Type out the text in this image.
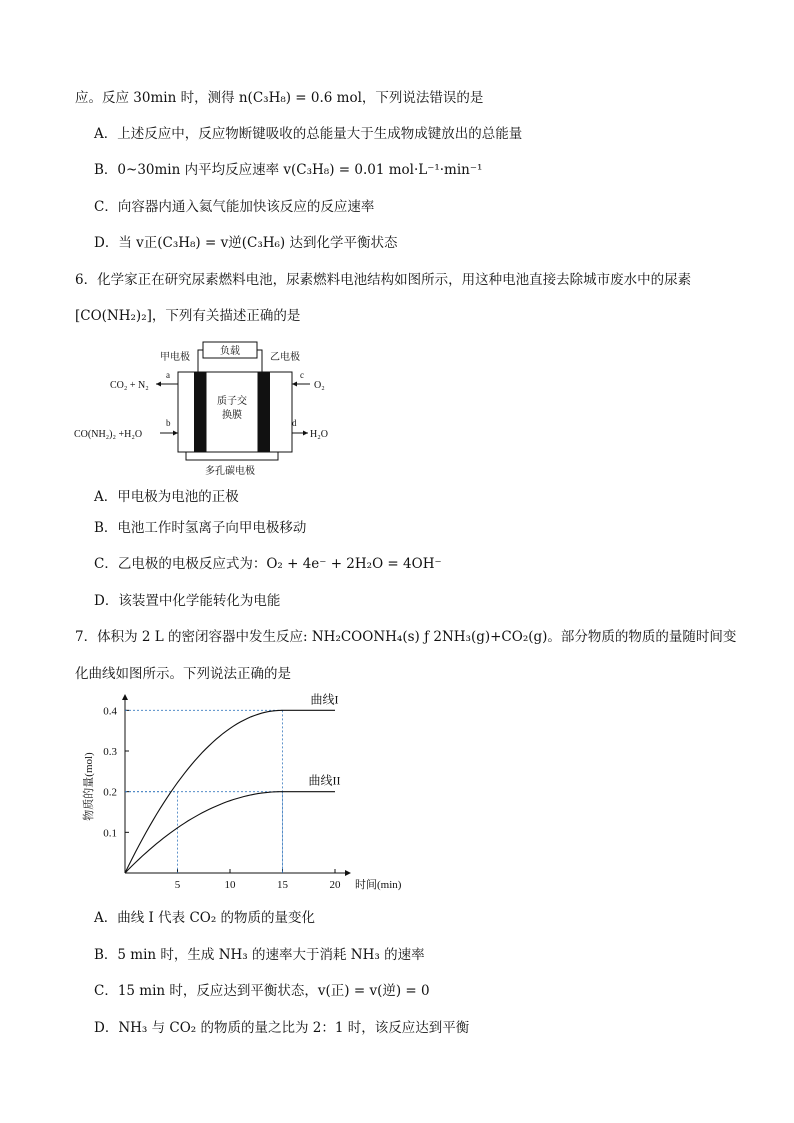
应。反应 30min 时，测得 n(C₃H₈) = 0.6 mol，下列说法错误的是
A．上述反应中，反应物断键吸收的总能量大于生成物成键放出的总能量
B．0~30min 内平均反应速率 v(C₃H₈) = 0.01 mol·L⁻¹·min⁻¹
C．向容器内通入氦气能加快该反应的反应速率
D．当 v正(C₃H₈) = v逆(C₃H₆) 达到化学平衡状态
6．化学家正在研究尿素燃料电池，尿素燃料电池结构如图所示，用这种电池直接去除城市废水中的尿素
[CO(NH₂)₂]，下列有关描述正确的是
负载
甲电极	乙电极
质子交
换膜
多孔碳电极
a
CO₂ + N₂
b
CO(NH₂)₂ +H₂O
c
O₂
d
H₂O
A．甲电极为电池的正极
B．电池工作时氢离子向甲电极移动
C．乙电极的电极反应式为：O₂ + 4e⁻ + 2H₂O = 4OH⁻
D．该装置中化学能转化为电能
7．体积为 2 L 的密闭容器中发生反应: NH₂COONH₄(s) ƒ 2NH₃(g)+CO₂(g)。部分物质的物质的量随时间变
化曲线如图所示。下列说法正确的是
5	10	15	20
0.1
0.2
0.3
0.4
曲线I
曲线II
时间(min)
物质的量(mol)
A．曲线 I 代表 CO₂ 的物质的量变化
B．5 min 时，生成 NH₃ 的速率大于消耗 NH₃ 的速率
C．15 min 时，反应达到平衡状态，v(正) = v(逆) = 0
D．NH₃ 与 CO₂ 的物质的量之比为 2：1 时，该反应达到平衡
